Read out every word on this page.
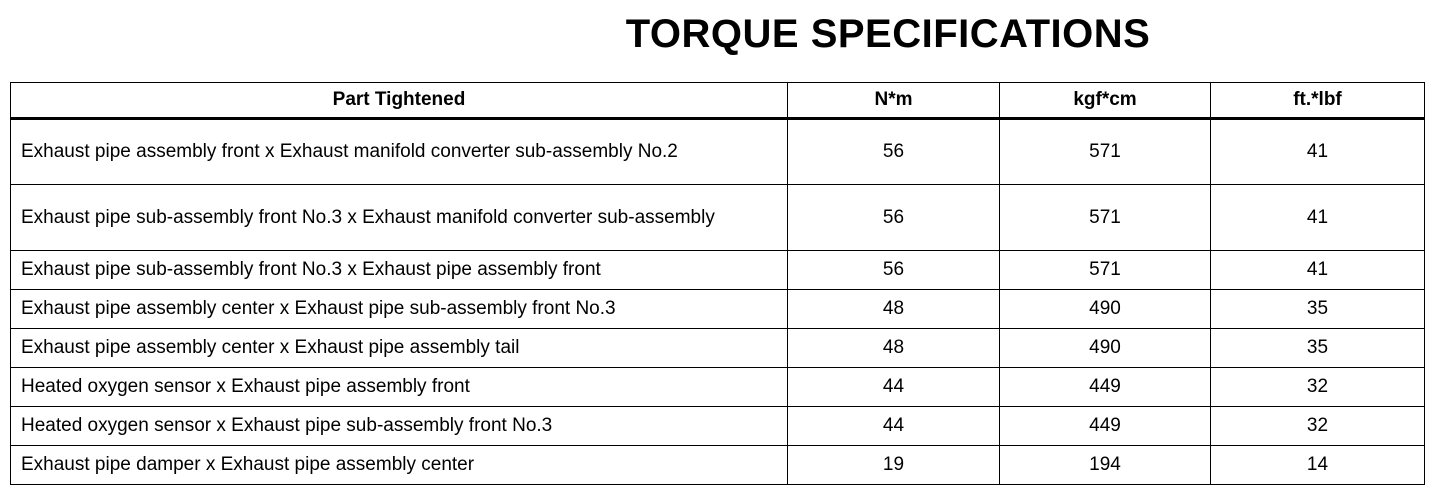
TORQUE SPECIFICATIONS
Part Tightened	N*m	kgf*cm	ft.*lbf
Exhaust pipe assembly front x Exhaust manifold converter sub-assembly No.2	56	571	41
Exhaust pipe sub-assembly front No.3 x Exhaust manifold converter sub-assembly	56	571	41
Exhaust pipe sub-assembly front No.3 x Exhaust pipe assembly front	56	571	41
Exhaust pipe assembly center x Exhaust pipe sub-assembly front No.3	48	490	35
Exhaust pipe assembly center x Exhaust pipe assembly tail	48	490	35
Heated oxygen sensor x Exhaust pipe assembly front	44	449	32
Heated oxygen sensor x Exhaust pipe sub-assembly front No.3	44	449	32
Exhaust pipe damper x Exhaust pipe assembly center	19	194	14
